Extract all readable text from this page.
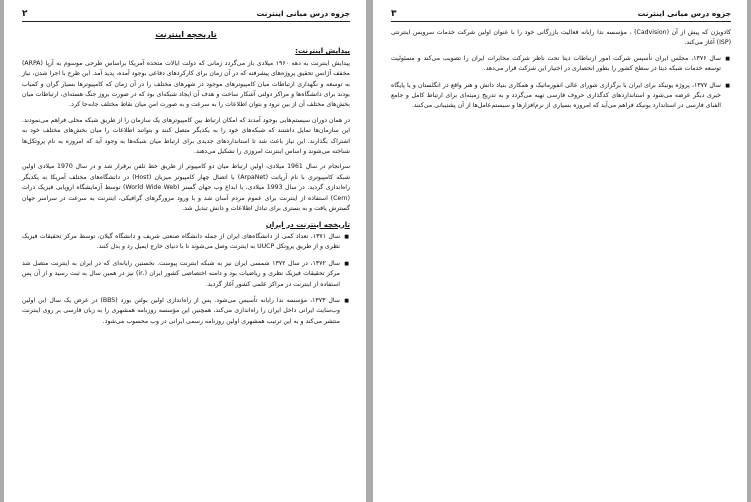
جزوه درس مبانی اینترنت
۲
تاریخچه اینترنت
پیدایش اینترنت:

پیدایش اینترنت به دهه ۱۹۶۰ میلادی باز می‌گردد زمانی که دولت ایالات متحده آمریکا براساس طرحی موسوم به آرپا (ARPA) مخفف آژانس تحقیق پروژه‌های پیشرفته که در آن زمان برای کارکردهای دفاعی بوجود آمده، پدید آمد. این طرح با اجرا شدن، نیاز به توسعه و نگهداری ارتباطات میان کامپیوترهای موجود در شهرهای مختلف را در آن زمان که کامپیوترها بسیار گران و کمیاب بودند برای دانشگاه‌ها و مراکز دولتی آشکار ساخت و هدف آن ایجاد شبکه‌ای بود که در صورت بروز جنگ هسته‌ای، ارتباطات میان بخش‌های مختلف آن از بین نرود و بتوان اطلاعات را به سرعت و به صورت امن میان نقاط مختلف جابه‌جا کرد.

در همان دوران سیستم‌هایی بوجود آمدند که امکان ارتباط بین کامپیوترهای یک سازمان را از طریق شبکه محلی فراهم می‌نمودند. این سازمان‌ها تمایل داشتند که شبکه‌های خود را به یکدیگر متصل کنند و بتوانند اطلاعات را میان بخش‌های مختلف خود به اشتراک بگذارند. این نیاز باعث شد تا استانداردهای جدیدی برای ارتباط میان شبکه‌ها به وجود آید که امروزه به نام پروتکل‌ها شناخته می‌شوند و اساس اینترنت امروزی را تشکیل می‌دهند.

سرانجام در سال 1961 میلادی، اولین ارتباط میان دو کامپیوتر از طریق خط تلفن برقرار شد و در سال 1970 میلادی اولین شبکه کامپیوتری با نام آرپانت (ArpaNet) با اتصال چهار کامپیوتر میزبان (Host) در دانشگاه‌های مختلف آمریکا به یکدیگر راه‌اندازی گردید. در سال 1993 میلادی، با ابداع وب جهان گستر (World Wide Web) توسط آزمایشگاه اروپایی فیزیک ذرات (Cern) استفاده از اینترنت برای عموم مردم آسان شد و با ورود مرورگرهای گرافیکی، اینترنت به سرعت در سراسر جهان گسترش یافت و به بستری برای تبادل اطلاعات و دانش تبدیل شد.

تاریخچه اینترنت در ایران
■ سال ۱۳۷۱، تعداد کمی از دانشگاه‌های ایران از جمله دانشگاه صنعتی شریف و دانشگاه گیلان، توسط مرکز تحقیقات فیزیک نظری و از طریق پروتکل UUCP به اینترنت وصل می‌شوند تا با دنیای خارج ایمیل رد و بدل کنند.
■ سال ۱۳۷۲، در سال ۱۳۷۲ شمسی ایران نیز به شبکه اینترنت پیوست. نخستین رایانه‌ای که در ایران به اینترنت متصل شد مرکز تحقیقات فیزیک نظری و ریاضیات بود و دامنه اختصاصی کشور ایران (.ir) نیز در همین سال به ثبت رسید و از آن پس استفاده از اینترنت در مراکز علمی کشور آغاز گردید.
■ سال ۱۳۷۳، مؤسسه ندا رایانه تأسیس می‌شود. پس از راه‌اندازی اولین بولتن بورد (BBS) در عرض یک سال این اولین وب‌سایت ایرانی داخل ایران را راه‌اندازی می‌کند، همچنین این مؤسسه روزنامه همشهری را به زبان فارسی بر روی اینترنت منتشر می‌کند و به این ترتیب همشهری اولین روزنامه رسمی ایرانی در وب محسوب می‌شود.
جزوه درس مبانی اینترنت
۳

کادویژن که پیش از آن (Cadvision) ، مؤسسه ندا رایانه فعالیت بازرگانی خود را با عنوان اولین شرکت خدمات سرویس اینترنتی (ISP) آغاز می‌کند.

■ سال ۱۳۷۶، مجلس ایران تأسیس شرکت امور ارتباطات دیتا تحت ناظر شرکت مخابرات ایران را تصویب می‌کند و مسئولیت توسعه خدمات شبکه دیتا در سطح کشور را بطور انحصاری در اختیار این شرکت قرار می‌دهد.
■ سال ۱۳۷۷، پروژه یونیکد برای ایران با برگزاری شورای عالی انفورماتیک و همکاری بنیاد دانش و هنر واقع در انگلستان و یا پایگاه خبری دیگر عرضه می‌شود و استانداردهای کدگذاری حروف فارسی تهیه می‌گردد و به تدریج زمینه‌ای برای ارتباط کامل و جامع الفبای فارسی در استاندارد یونیکد فراهم می‌آید که امروزه بسیاری از نرم‌افزارها و سیستم‌عامل‌ها از آن پشتیبانی می‌کنند.
